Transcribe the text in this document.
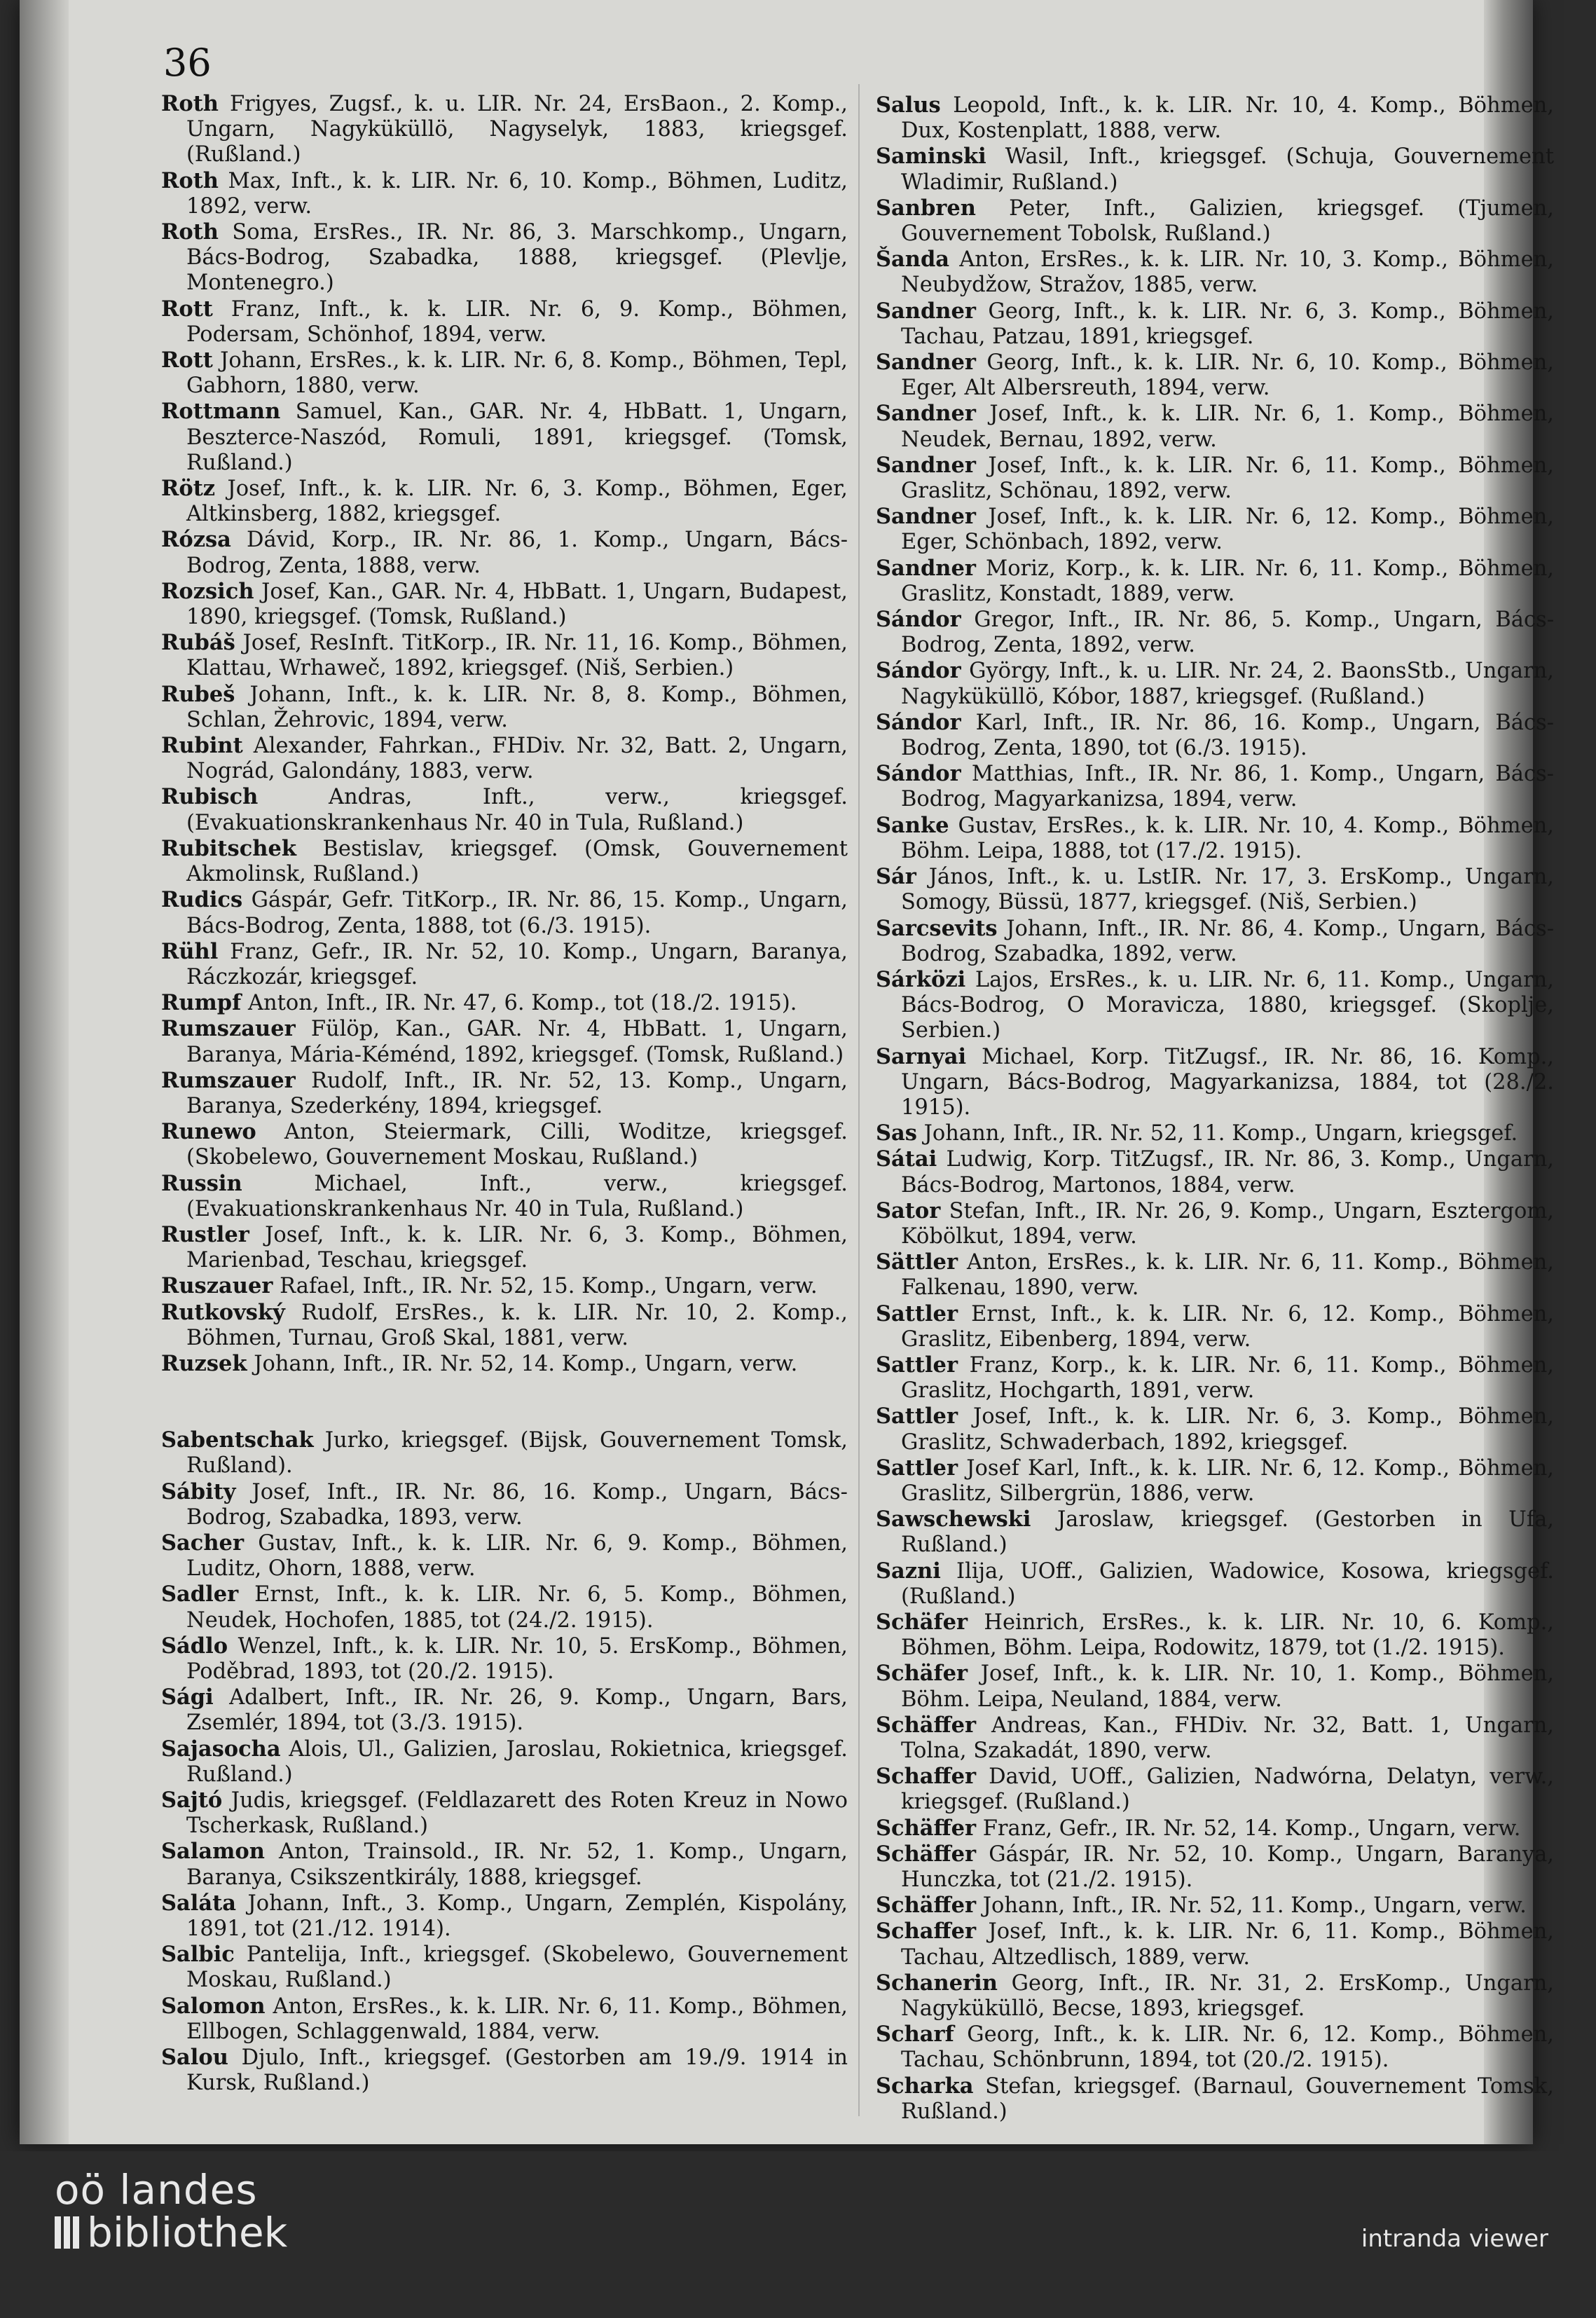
36

Roth Frigyes, Zugsf., k. u. LIR. Nr. 24, ErsBaon., 2. Komp., Ungarn, Nagyküküllö, Nagyselyk, 1883, kriegsgef. (Rußland.)

Roth Max, Inft., k. k. LIR. Nr. 6, 10. Komp., Böhmen, Luditz, 1892, verw.

Roth Soma, ErsRes., IR. Nr. 86, 3. Marschkomp., Ungarn, Bács-Bodrog, Szabadka, 1888, kriegsgef. (Plevlje, Montenegro.)

Rott Franz, Inft., k. k. LIR. Nr. 6, 9. Komp., Böhmen, Podersam, Schönhof, 1894, verw.

Rott Johann, ErsRes., k. k. LIR. Nr. 6, 8. Komp., Böhmen, Tepl, Gabhorn, 1880, verw.

Rottmann Samuel, Kan., GAR. Nr. 4, HbBatt. 1, Ungarn, Beszterce-Naszód, Romuli, 1891, kriegsgef. (Tomsk, Rußland.)

Rötz Josef, Inft., k. k. LIR. Nr. 6, 3. Komp., Böhmen, Eger, Altkinsberg, 1882, kriegsgef.

Rózsa Dávid, Korp., IR. Nr. 86, 1. Komp., Ungarn, Bács-Bodrog, Zenta, 1888, verw.

Rozsich Josef, Kan., GAR. Nr. 4, HbBatt. 1, Ungarn, Budapest, 1890, kriegsgef. (Tomsk, Rußland.)

Rubáš Josef, ResInft. TitKorp., IR. Nr. 11, 16. Komp., Böhmen, Klattau, Wrhaweč, 1892, kriegsgef. (Niš, Serbien.)

Rubeš Johann, Inft., k. k. LIR. Nr. 8, 8. Komp., Böhmen, Schlan, Žehrovic, 1894, verw.

Rubint Alexander, Fahrkan., FHDiv. Nr. 32, Batt. 2, Ungarn, Nográd, Galondány, 1883, verw.

Rubisch Andras, Inft., verw., kriegsgef. (Evakuationskrankenhaus Nr. 40 in Tula, Rußland.)

Rubitschek Bestislav, kriegsgef. (Omsk, Gouvernement Akmolinsk, Rußland.)

Rudics Gáspár, Gefr. TitKorp., IR. Nr. 86, 15. Komp., Ungarn, Bács-Bodrog, Zenta, 1888, tot (6./3. 1915).

Rühl Franz, Gefr., IR. Nr. 52, 10. Komp., Ungarn, Baranya, Ráczkozár, kriegsgef.

Rumpf Anton, Inft., IR. Nr. 47, 6. Komp., tot (18./2. 1915).

Rumszauer Fülöp, Kan., GAR. Nr. 4, HbBatt. 1, Ungarn, Baranya, Mária-Kéménd, 1892, kriegsgef. (Tomsk, Rußland.)

Rumszauer Rudolf, Inft., IR. Nr. 52, 13. Komp., Ungarn, Baranya, Szederkény, 1894, kriegsgef.

Runewo Anton, Steiermark, Cilli, Woditze, kriegsgef. (Skobelewo, Gouvernement Moskau, Rußland.)

Russin Michael, Inft., verw., kriegsgef. (Evakuationskrankenhaus Nr. 40 in Tula, Rußland.)

Rustler Josef, Inft., k. k. LIR. Nr. 6, 3. Komp., Böhmen, Marienbad, Teschau, kriegsgef.

Ruszauer Rafael, Inft., IR. Nr. 52, 15. Komp., Ungarn, verw.

Rutkovský Rudolf, ErsRes., k. k. LIR. Nr. 10, 2. Komp., Böhmen, Turnau, Groß Skal, 1881, verw.

Ruzsek Johann, Inft., IR. Nr. 52, 14. Komp., Ungarn, verw.

Sabentschak Jurko, kriegsgef. (Bijsk, Gouvernement Tomsk, Rußland).

Sábity Josef, Inft., IR. Nr. 86, 16. Komp., Ungarn, Bács-Bodrog, Szabadka, 1893, verw.

Sacher Gustav, Inft., k. k. LIR. Nr. 6, 9. Komp., Böhmen, Luditz, Ohorn, 1888, verw.

Sadler Ernst, Inft., k. k. LIR. Nr. 6, 5. Komp., Böhmen, Neudek, Hochofen, 1885, tot (24./2. 1915).

Sádlo Wenzel, Inft., k. k. LIR. Nr. 10, 5. ErsKomp., Böhmen, Poděbrad, 1893, tot (20./2. 1915).

Sági Adalbert, Inft., IR. Nr. 26, 9. Komp., Ungarn, Bars, Zsemlér, 1894, tot (3./3. 1915).

Sajasocha Alois, Ul., Galizien, Jaroslau, Rokietnica, kriegsgef. Rußland.)

Sajtó Judis, kriegsgef. (Feldlazarett des Roten Kreuz in Nowo Tscherkask, Rußland.)

Salamon Anton, Trainsold., IR. Nr. 52, 1. Komp., Ungarn, Baranya, Csikszentkirály, 1888, kriegsgef.

Saláta Johann, Inft., 3. Komp., Ungarn, Zemplén, Kispolány, 1891, tot (21./12. 1914).

Salbic Pantelija, Inft., kriegsgef. (Skobelewo, Gouvernement Moskau, Rußland.)

Salomon Anton, ErsRes., k. k. LIR. Nr. 6, 11. Komp., Böhmen, Ellbogen, Schlaggenwald, 1884, verw.

Salou Djulo, Inft., kriegsgef. (Gestorben am 19./9. 1914 in Kursk, Rußland.)

Salus Leopold, Inft., k. k. LIR. Nr. 10, 4. Komp., Böhmen, Dux, Kostenplatt, 1888, verw.

Saminski Wasil, Inft., kriegsgef. (Schuja, Gouvernement Wladimir, Rußland.)

Sanbren Peter, Inft., Galizien, kriegsgef. (Tjumen, Gouvernement Tobolsk, Rußland.)

Šanda Anton, ErsRes., k. k. LIR. Nr. 10, 3. Komp., Böhmen, Neubydžow, Stražov, 1885, verw.

Sandner Georg, Inft., k. k. LIR. Nr. 6, 3. Komp., Böhmen, Tachau, Patzau, 1891, kriegsgef.

Sandner Georg, Inft., k. k. LIR. Nr. 6, 10. Komp., Böhmen, Eger, Alt Albersreuth, 1894, verw.

Sandner Josef, Inft., k. k. LIR. Nr. 6, 1. Komp., Böhmen, Neudek, Bernau, 1892, verw.

Sandner Josef, Inft., k. k. LIR. Nr. 6, 11. Komp., Böhmen, Graslitz, Schönau, 1892, verw.

Sandner Josef, Inft., k. k. LIR. Nr. 6, 12. Komp., Böhmen, Eger, Schönbach, 1892, verw.

Sandner Moriz, Korp., k. k. LIR. Nr. 6, 11. Komp., Böhmen, Graslitz, Konstadt, 1889, verw.

Sándor Gregor, Inft., IR. Nr. 86, 5. Komp., Ungarn, Bács-Bodrog, Zenta, 1892, verw.

Sándor György, Inft., k. u. LIR. Nr. 24, 2. BaonsStb., Ungarn, Nagyküküllö, Kóbor, 1887, kriegsgef. (Rußland.)

Sándor Karl, Inft., IR. Nr. 86, 16. Komp., Ungarn, Bács-Bodrog, Zenta, 1890, tot (6./3. 1915).

Sándor Matthias, Inft., IR. Nr. 86, 1. Komp., Ungarn, Bács-Bodrog, Magyarkanizsa, 1894, verw.

Sanke Gustav, ErsRes., k. k. LIR. Nr. 10, 4. Komp., Böhmen, Böhm. Leipa, 1888, tot (17./2. 1915).

Sár János, Inft., k. u. LstIR. Nr. 17, 3. ErsKomp., Ungarn, Somogy, Büssü, 1877, kriegsgef. (Niš, Serbien.)

Sarcsevits Johann, Inft., IR. Nr. 86, 4. Komp., Ungarn, Bács-Bodrog, Szabadka, 1892, verw.

Sárközi Lajos, ErsRes., k. u. LIR. Nr. 6, 11. Komp., Ungarn, Bács-Bodrog, O Moravicza, 1880, kriegsgef. (Skoplje, Serbien.)

Sarnyai Michael, Korp. TitZugsf., IR. Nr. 86, 16. Komp., Ungarn, Bács-Bodrog, Magyarkanizsa, 1884, tot (28./2. 1915).

Sas Johann, Inft., IR. Nr. 52, 11. Komp., Ungarn, kriegsgef.

Sátai Ludwig, Korp. TitZugsf., IR. Nr. 86, 3. Komp., Ungarn, Bács-Bodrog, Martonos, 1884, verw.

Sator Stefan, Inft., IR. Nr. 26, 9. Komp., Ungarn, Esztergom, Köbölkut, 1894, verw.

Sättler Anton, ErsRes., k. k. LIR. Nr. 6, 11. Komp., Böhmen, Falkenau, 1890, verw.

Sattler Ernst, Inft., k. k. LIR. Nr. 6, 12. Komp., Böhmen, Graslitz, Eibenberg, 1894, verw.

Sattler Franz, Korp., k. k. LIR. Nr. 6, 11. Komp., Böhmen, Graslitz, Hochgarth, 1891, verw.

Sattler Josef, Inft., k. k. LIR. Nr. 6, 3. Komp., Böhmen, Graslitz, Schwaderbach, 1892, kriegsgef.

Sattler Josef Karl, Inft., k. k. LIR. Nr. 6, 12. Komp., Böhmen, Graslitz, Silbergrün, 1886, verw.

Sawschewski Jaroslaw, kriegsgef. (Gestorben in Ufa, Rußland.)

Sazni Ilija, UOff., Galizien, Wadowice, Kosowa, kriegsgef. (Rußland.)

Schäfer Heinrich, ErsRes., k. k. LIR. Nr. 10, 6. Komp., Böhmen, Böhm. Leipa, Rodowitz, 1879, tot (1./2. 1915).

Schäfer Josef, Inft., k. k. LIR. Nr. 10, 1. Komp., Böhmen, Böhm. Leipa, Neuland, 1884, verw.

Schäffer Andreas, Kan., FHDiv. Nr. 32, Batt. 1, Ungarn, Tolna, Szakadát, 1890, verw.

Schaffer David, UOff., Galizien, Nadwórna, Delatyn, verw., kriegsgef. (Rußland.)

Schäffer Franz, Gefr., IR. Nr. 52, 14. Komp., Ungarn, verw.

Schäffer Gáspár, IR. Nr. 52, 10. Komp., Ungarn, Baranya, Hunczka, tot (21./2. 1915).

Schäffer Johann, Inft., IR. Nr. 52, 11. Komp., Ungarn, verw.

Schaffer Josef, Inft., k. k. LIR. Nr. 6, 11. Komp., Böhmen, Tachau, Altzedlisch, 1889, verw.

Schanerin Georg, Inft., IR. Nr. 31, 2. ErsKomp., Ungarn, Nagyküküllö, Becse, 1893, kriegsgef.

Scharf Georg, Inft., k. k. LIR. Nr. 6, 12. Komp., Böhmen, Tachau, Schönbrunn, 1894, tot (20./2. 1915).

Scharka Stefan, kriegsgef. (Barnaul, Gouvernement Tomsk, Rußland.)

oö landes
bibliothek	intranda viewer
